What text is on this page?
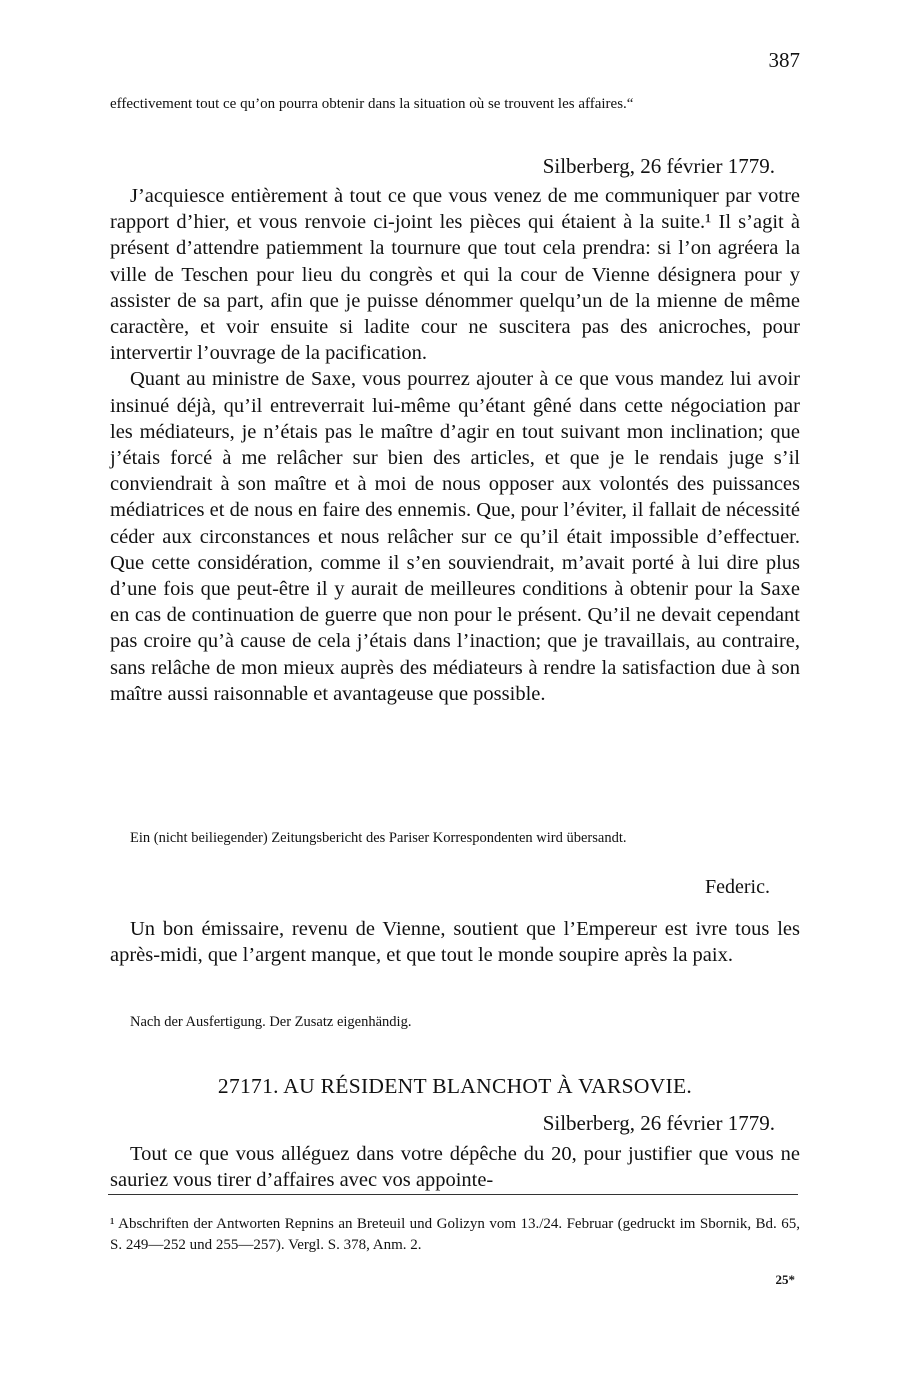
387
effectivement tout ce qu’on pourra obtenir dans la situation où se trouvent les affaires.“
Silberberg, 26 février 1779.

J’acquiesce entièrement à tout ce que vous venez de me communiquer par votre rapport d’hier, et vous renvoie ci-joint les pièces qui étaient à la suite.¹ Il s’agit à présent d’attendre patiemment la tournure que tout cela prendra: si l’on agréera la ville de Teschen pour lieu du congrès et qui la cour de Vienne désignera pour y assister de sa part, afin que je puisse dénommer quelqu’un de la mienne de même caractère, et voir ensuite si ladite cour ne suscitera pas des anicroches, pour intervertir l’ouvrage de la pacification.

Quant au ministre de Saxe, vous pourrez ajouter à ce que vous mandez lui avoir insinué déjà, qu’il entreverrait lui-même qu’étant gêné dans cette négociation par les médiateurs, je n’étais pas le maître d’agir en tout suivant mon inclination; que j’étais forcé à me relâcher sur bien des articles, et que je le rendais juge s’il conviendrait à son maître et à moi de nous opposer aux volontés des puissances médiatrices et de nous en faire des ennemis. Que, pour l’éviter, il fallait de nécessité céder aux circonstances et nous relâcher sur ce qu’il était impossible d’effectuer. Que cette considération, comme il s’en souviendrait, m’avait porté à lui dire plus d’une fois que peut-être il y aurait de meilleures conditions à obtenir pour la Saxe en cas de continuation de guerre que non pour le présent. Qu’il ne devait cependant pas croire qu’à cause de cela j’étais dans l’inaction; que je travaillais, au contraire, sans relâche de mon mieux auprès des médiateurs à rendre la satisfaction due à son maître aussi raisonnable et avantageuse que possible.

Ein (nicht beiliegender) Zeitungsbericht des Pariser Korrespondenten wird übersandt.
Federic.
Un bon émissaire, revenu de Vienne, soutient que l’Empereur est ivre tous les après-midi, que l’argent manque, et que tout le monde soupire après la paix.
Nach der Ausfertigung. Der Zusatz eigenhändig.
27171. AU RÉSIDENT BLANCHOT À VARSOVIE.
Silberberg, 26 février 1779.
Tout ce que vous alléguez dans votre dépêche du 20, pour justifier que vous ne sauriez vous tirer d’affaires avec vos appointe-
¹ Abschriften der Antworten Repnins an Breteuil und Golizyn vom 13./24. Februar (gedruckt im Sbornik, Bd. 65, S. 249—252 und 255—257). Vergl. S. 378, Anm. 2.
25*
